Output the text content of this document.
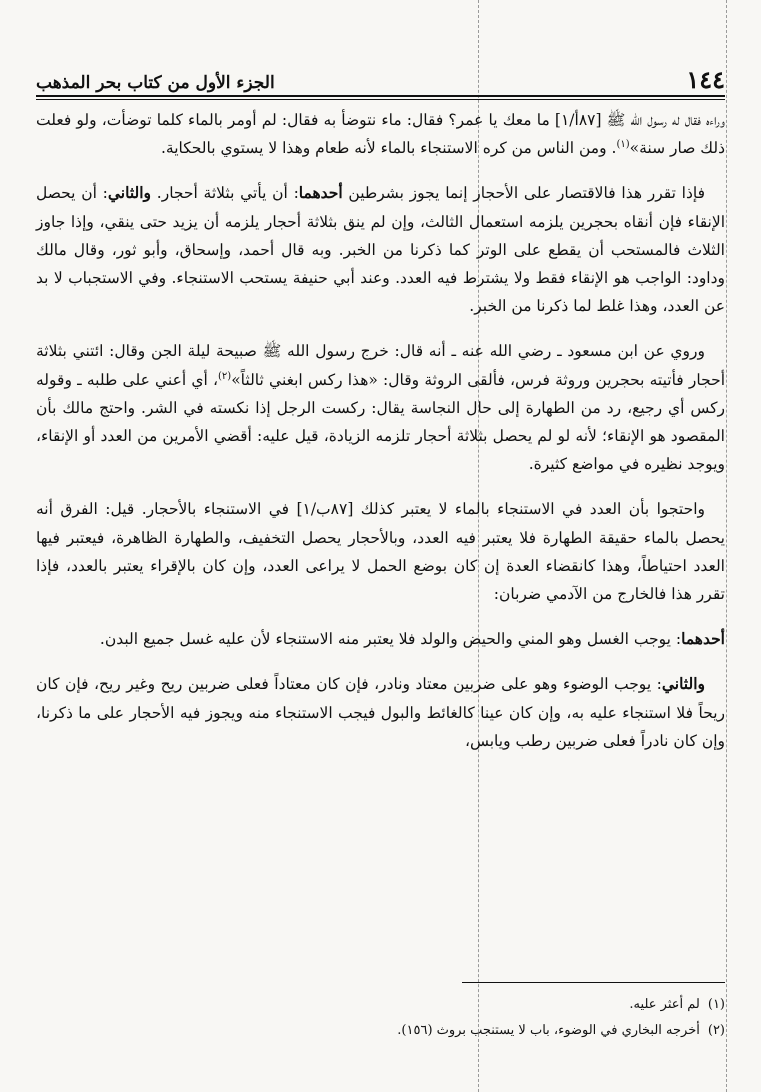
١٤٤
الجزء الأول من كتاب بحر المذهب

وراءه فقال له رسول الله ﷺ [٨٧أ/١] ما معك يا عمر؟ فقال: ماء نتوضأ به فقال: لم أومر بالماء كلما توضأت، ولو فعلت ذلك صار سنة»$^{(١)}$. ومن الناس من كره الاستنجاء بالماء لأنه طعام وهذا لا يستوي بالحكاية.

فإذا تقرر هذا فالاقتصار على الأحجار إنما يجوز بشرطين أحدهما: أن يأتي بثلاثة أحجار. والثاني: أن يحصل الإنقاء فإن أنقاه بحجرين يلزمه استعمال الثالث، وإن لم ينق بثلاثة أحجار يلزمه أن يزيد حتى ينقي، وإذا جاوز الثلاث فالمستحب أن يقطع على الوتر كما ذكرنا من الخبر. وبه قال أحمد، وإسحاق، وأبو ثور، وقال مالك وداود: الواجب هو الإنقاء فقط ولا يشترط فيه العدد. وعند أبي حنيفة يستحب الاستنجاء. وفي الاستجباب لا بد عن العدد، وهذا غلط لما ذكرنا من الخبر.

وروي عن ابن مسعود ـ رضي الله عنه ـ أنه قال: خرج رسول الله ﷺ صبيحة ليلة الجن وقال: ائتني بثلاثة أحجار فأتيته بحجرين وروثة فرس، فألقى الروثة وقال: «هذا ركس ابغني ثالثاً»$^{(٢)}$، أي أعني على طلبه ـ وقوله ركس أي رجيع، رد من الطهارة إلى حال النجاسة يقال: ركست الرجل إذا نكسته في الشر. واحتج مالك بأن المقصود هو الإنقاء؛ لأنه لو لم يحصل بثلاثة أحجار تلزمه الزيادة، قيل عليه: أقضي الأمرين من العدد أو الإنقاء، ويوجد نظيره في مواضع كثيرة.

واحتجوا بأن العدد في الاستنجاء بالماء لا يعتبر كذلك [٨٧ب/١] في الاستنجاء بالأحجار. قيل: الفرق أنه يحصل بالماء حقيقة الطهارة فلا يعتبر فيه العدد، وبالأحجار يحصل التخفيف، والطهارة الظاهرة، فيعتبر فيها العدد احتياطاً، وهذا كانقضاء العدة إن كان بوضع الحمل لا يراعى العدد، وإن كان بالإقراء يعتبر بالعدد، فإذا تقرر هذا فالخارج من الآدمي ضربان:

أحدهما: يوجب الغسل وهو المني والحيض والولد فلا يعتبر منه الاستنجاء لأن عليه غسل جميع البدن.

والثاني: يوجب الوضوء وهو على ضربين معتاد ونادر، فإن كان معتاداً فعلى ضربين ريح وغير ريح، فإن كان ريحاً فلا استنجاء عليه به، وإن كان عينا كالغائط والبول فيجب الاستنجاء منه ويجوز فيه الأحجار على ما ذكرنا، وإن كان نادراً فعلى ضربين رطب ويابس،

(١)
لم أعثر عليه.
(٢)
أخرجه البخاري في الوضوء، باب لا يستنجب بروث (١٥٦).
